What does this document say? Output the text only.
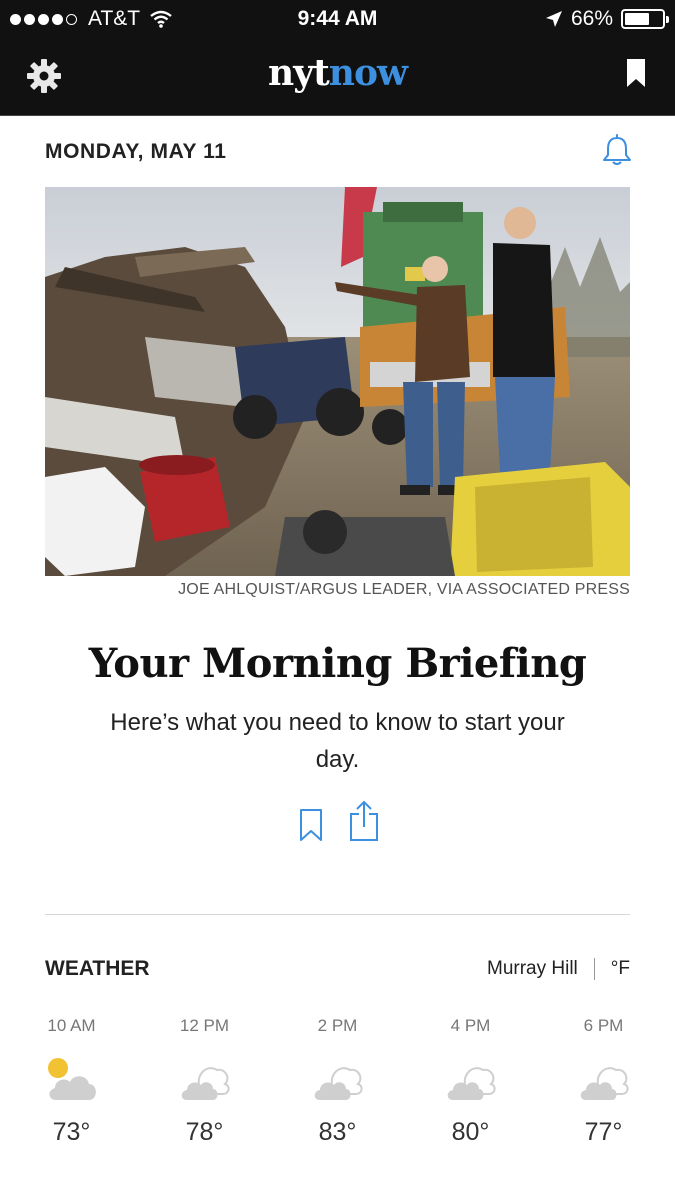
AT&T	9:44 AM	66%
nytnow
MONDAY, MAY 11
JOE AHLQUIST/ARGUS LEADER, VIA ASSOCIATED PRESS
Your Morning Briefing
Here’s what you need to know to start your day.
WEATHER	Murray Hill °F
10 AM
73°
12 PM
78°
2 PM
83°
4 PM
80°
6 PM
77°
